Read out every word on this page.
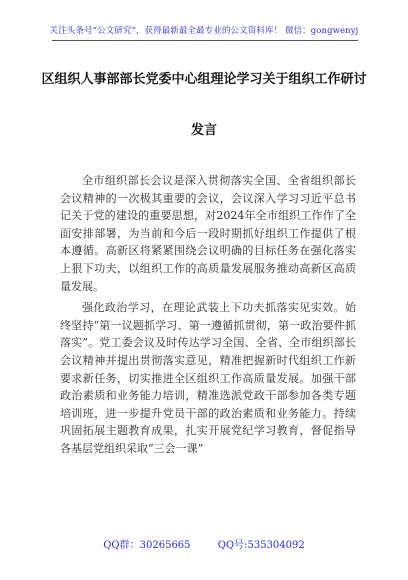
关注头条号“公文研究”，获得最新最全最专业的公文资料库！ 微信：gongwenyj
区组织人事部部长党委中心组理论学习关于组织工作研讨
发言

全市组织部长会议是深入贯彻落实全国、全省组织部长会议精神的一次极其重要的会议，会议深入学习习近平总书记关于党的建设的重要思想，对2024年全市组织工作作了全面安排部署，为当前和今后一段时期抓好组织工作提供了根本遵循。高新区将紧紧围绕会议明确的目标任务在强化落实上狠下功夫，以组织工作的高质量发展服务推动高新区高质量发展。

强化政治学习，在理论武装上下功夫抓落实见实效。始终坚持“第一议题抓学习、第一遵循抓贯彻，第一政治要件抓落实”。党工委会议及时传达学习全国、全省、全市组织部长会议精神并提出贯彻落实意见，精准把握新时代组织工作新要求新任务，切实推进全区组织工作高质量发展。加强干部政治素质和业务能力培训，精准选派党政干部参加各类专题培训班，进一步提升党员干部的政治素质和业务能力。持续巩固拓展主题教育成果，扎实开展党纪学习教育，督促指导各基层党组织采取“三会一课”

QQ群：30265665	QQ号:535304092
